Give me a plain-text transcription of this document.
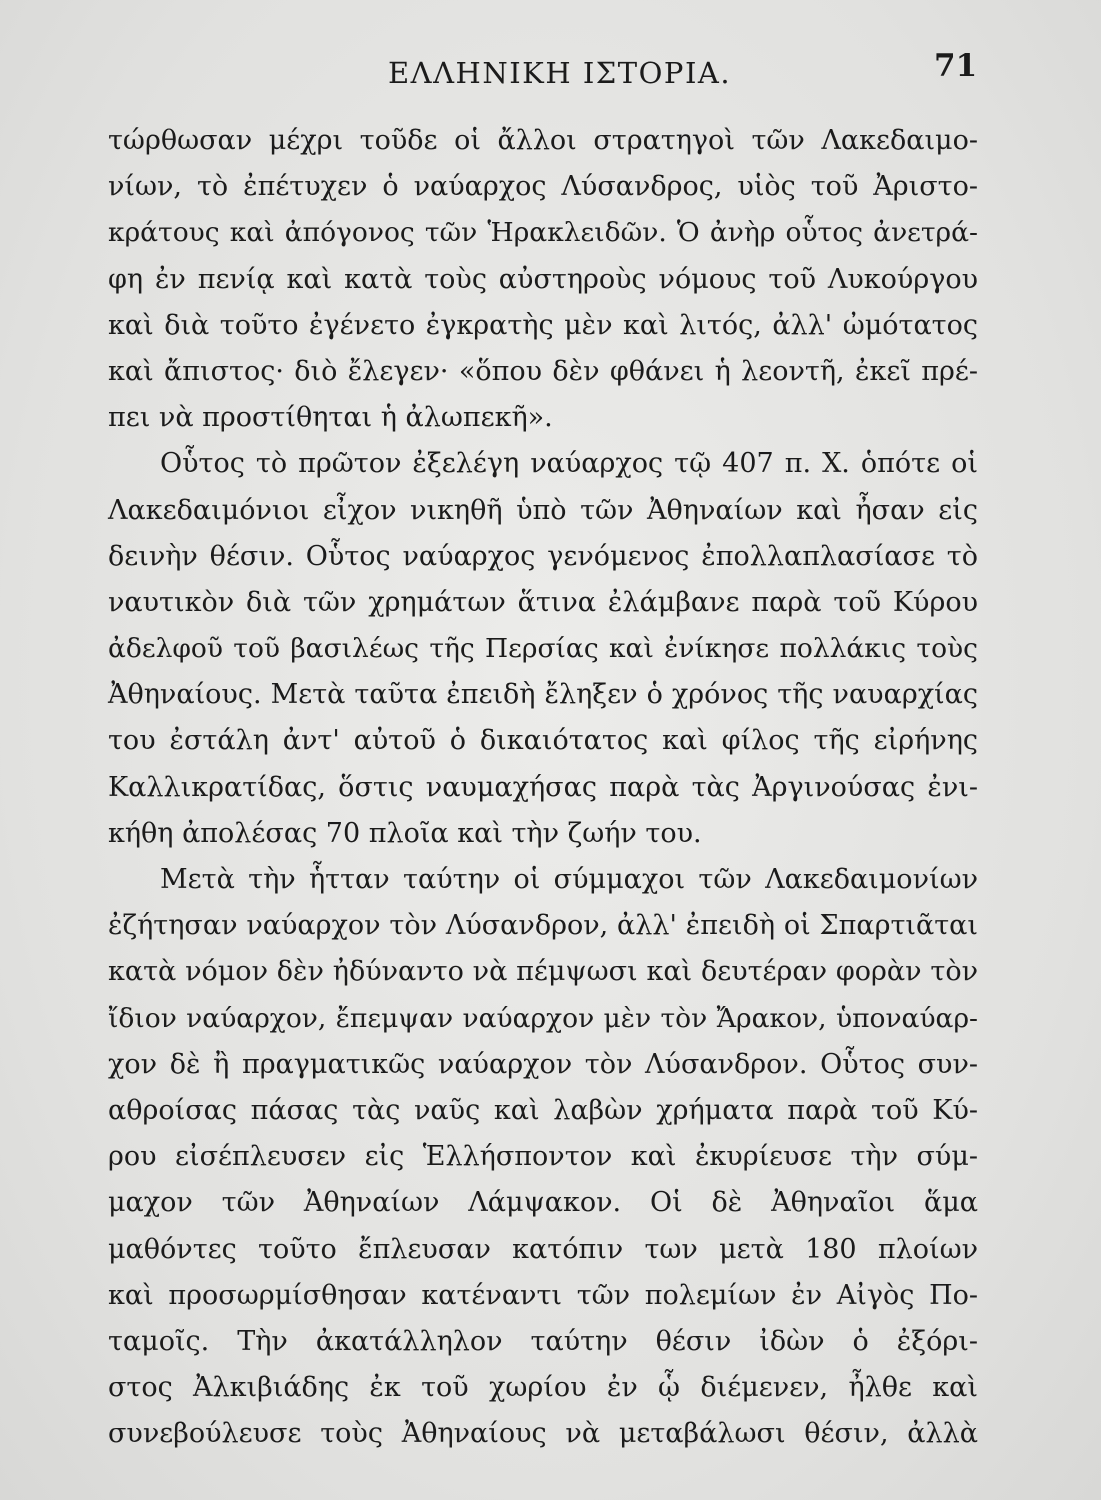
ΕΛΛΗΝΙΚΗ ΙΣΤΟΡΙΑ.	71
τώρθωσαν μέχρι τοῦδε οἱ ἄλλοι στρατηγοὶ τῶν Λακεδαιμο-
νίων, τὸ ἐπέτυχεν ὁ ναύαρχος Λύσανδρος, υἱὸς τοῦ Ἀριστο-
κράτους καὶ ἀπόγονος τῶν Ἡρακλειδῶν. Ὁ ἀνὴρ οὗτος ἀνετρά-
φη ἐν πενίᾳ καὶ κατὰ τοὺς αὐστηροὺς νόμους τοῦ Λυκούργου
καὶ διὰ τοῦτο ἐγένετο ἐγκρατὴς μὲν καὶ λιτός, ἀλλ' ὠμότατος
καὶ ἄπιστος· διὸ ἔλεγεν· «ὅπου δὲν φθάνει ἡ λεοντῆ, ἐκεῖ πρέ-
πει νὰ προστίθηται ἡ ἀλωπεκῆ».
Οὗτος τὸ πρῶτον ἐξελέγη ναύαρχος τῷ 407 π. Χ. ὁπότε οἱ
Λακεδαιμόνιοι εἶχον νικηθῆ ὑπὸ τῶν Ἀθηναίων καὶ ἦσαν εἰς
δεινὴν θέσιν. Οὗτος ναύαρχος γενόμενος ἐπολλαπλασίασε τὸ
ναυτικὸν διὰ τῶν χρημάτων ἅτινα ἐλάμβανε παρὰ τοῦ Κύρου
ἀδελφοῦ τοῦ βασιλέως τῆς Περσίας καὶ ἐνίκησε πολλάκις τοὺς
Ἀθηναίους. Μετὰ ταῦτα ἐπειδὴ ἔληξεν ὁ χρόνος τῆς ναυαρχίας
του ἐστάλη ἀντ' αὐτοῦ ὁ δικαιότατος καὶ φίλος τῆς εἰρήνης
Καλλικρατίδας, ὅστις ναυμαχήσας παρὰ τὰς Ἀργινούσας ἐνι-
κήθη ἀπολέσας 70 πλοῖα καὶ τὴν ζωήν του.
Μετὰ τὴν ἧτταν ταύτην οἱ σύμμαχοι τῶν Λακεδαιμονίων
ἐζήτησαν ναύαρχον τὸν Λύσανδρον, ἀλλ' ἐπειδὴ οἱ Σπαρτιᾶται
κατὰ νόμον δὲν ἠδύναντο νὰ πέμψωσι καὶ δευτέραν φορὰν τὸν
ἴδιον ναύαρχον, ἔπεμψαν ναύαρχον μὲν τὸν Ἄρακον, ὑποναύαρ-
χον δὲ ἢ πραγματικῶς ναύαρχον τὸν Λύσανδρον. Οὗτος συν-
αθροίσας πάσας τὰς ναῦς καὶ λαβὼν χρήματα παρὰ τοῦ Κύ-
ρου εἰσέπλευσεν εἰς Ἑλλήσποντον καὶ ἐκυρίευσε τὴν σύμ-
μαχον τῶν Ἀθηναίων Λάμψακον. Οἱ δὲ Ἀθηναῖοι ἅμα
μαθόντες τοῦτο ἔπλευσαν κατόπιν των μετὰ 180 πλοίων
καὶ προσωρμίσθησαν κατέναντι τῶν πολεμίων ἐν Αἰγὸς Πο-
ταμοῖς. Τὴν ἀκατάλληλον ταύτην θέσιν ἰδὼν ὁ ἐξόρι-
στος Ἀλκιβιάδης ἐκ τοῦ χωρίου ἐν ᾧ διέμενεν, ἦλθε καὶ
συνεβούλευσε τοὺς Ἀθηναίους νὰ μεταβάλωσι θέσιν, ἀλλὰ
